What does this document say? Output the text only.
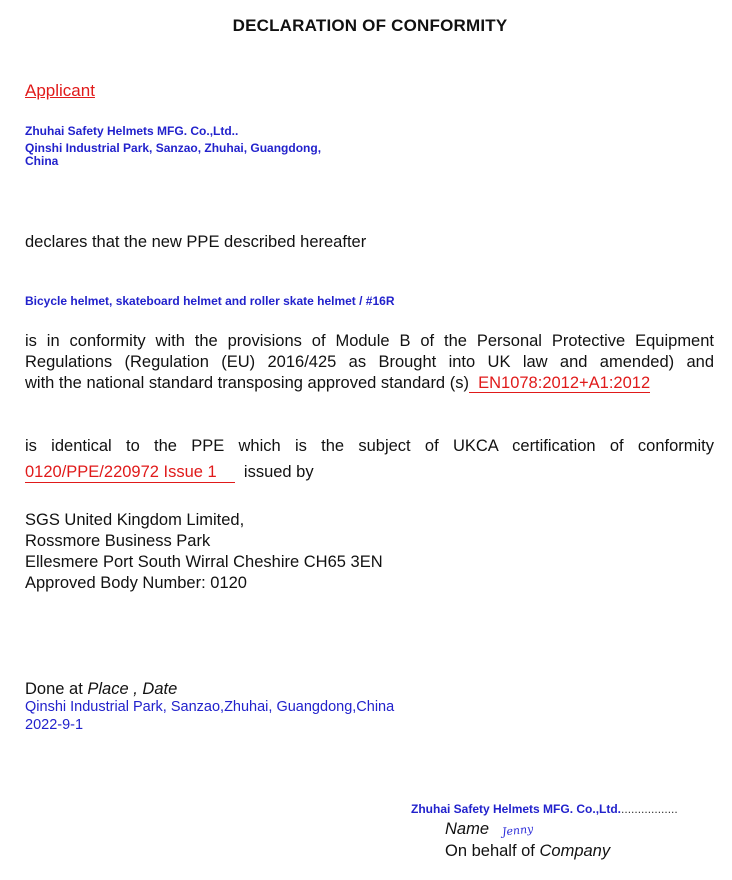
DECLARATION OF CONFORMITY
Applicant
Zhuhai Safety Helmets MFG. Co.,Ltd..
Qinshi Industrial Park, Sanzao, Zhuhai, Guangdong,
China
declares that the new PPE described hereafter
Bicycle helmet, skateboard helmet and roller skate helmet / #16R
is in conformity with the provisions of Module B of the Personal Protective Equipment
Regulations (Regulation (EU) 2016/425 as Brought into UK law and amended) and
with the national standard transposing approved standard (s)  EN1078:2012+A1:2012
is identical to the PPE which is the subject of UKCA certification of conformity
0120/PPE/220972 Issue 1 issued by
SGS United Kingdom Limited,
Rossmore Business Park
Ellesmere Port South Wirral Cheshire CH65 3EN
Approved Body Number: 0120
Done at Place , Date
Qinshi Industrial Park, Sanzao,Zhuhai, Guangdong,China
2022-9-1
Zhuhai Safety Helmets MFG. Co.,Ltd..................
Name Jenny
On behalf of Company
